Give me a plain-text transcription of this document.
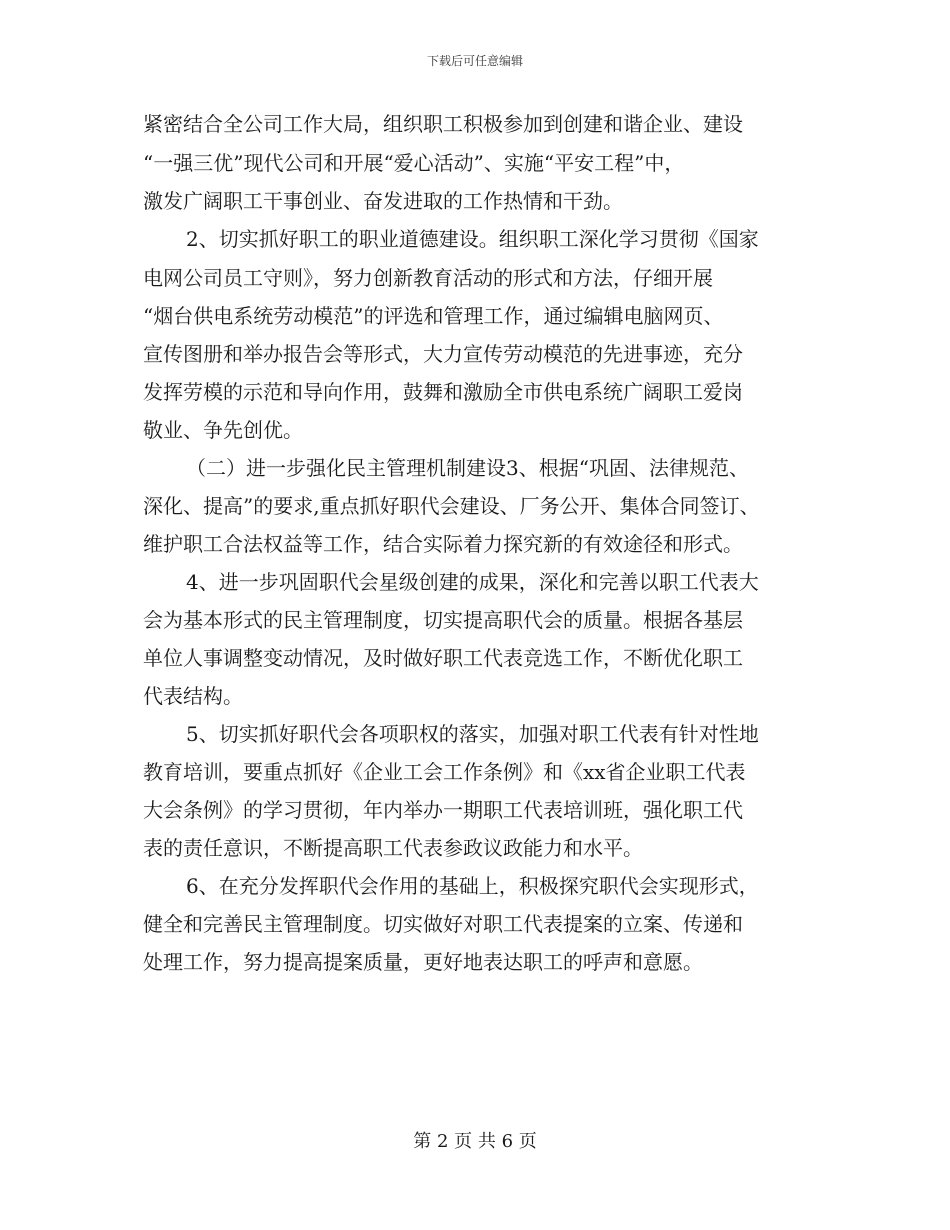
下载后可任意编辑
紧密结合全公司工作大局，组织职工积极参加到创建和谐企业、建设
“一强三优”现代公司和开展“爱心活动”、实施“平安工程”中，
激发广阔职工干事创业、奋发进取的工作热情和干劲。
2、切实抓好职工的职业道德建设。组织职工深化学习贯彻《国家
电网公司员工守则》，努力创新教育活动的形式和方法，仔细开展
“烟台供电系统劳动模范”的评选和管理工作，通过编辑电脑网页、
宣传图册和举办报告会等形式，大力宣传劳动模范的先进事迹，充分
发挥劳模的示范和导向作用，鼓舞和激励全市供电系统广阔职工爱岗
敬业、争先创优。
（二）进一步强化民主管理机制建设3、根据“巩固、法律规范、
深化、提高”的要求,重点抓好职代会建设、厂务公开、集体合同签订、
维护职工合法权益等工作，结合实际着力探究新的有效途径和形式。
4、进一步巩固职代会星级创建的成果，深化和完善以职工代表大
会为基本形式的民主管理制度，切实提高职代会的质量。根据各基层
单位人事调整变动情况，及时做好职工代表竞选工作，不断优化职工
代表结构。
5、切实抓好职代会各项职权的落实，加强对职工代表有针对性地
教育培训，要重点抓好《企业工会工作条例》和《xx省企业职工代表
大会条例》的学习贯彻，年内举办一期职工代表培训班，强化职工代
表的责任意识，不断提高职工代表参政议政能力和水平。
6、在充分发挥职代会作用的基础上，积极探究职代会实现形式，
健全和完善民主管理制度。切实做好对职工代表提案的立案、传递和
处理工作，努力提高提案质量，更好地表达职工的呼声和意愿。
第 2 页 共 6 页
